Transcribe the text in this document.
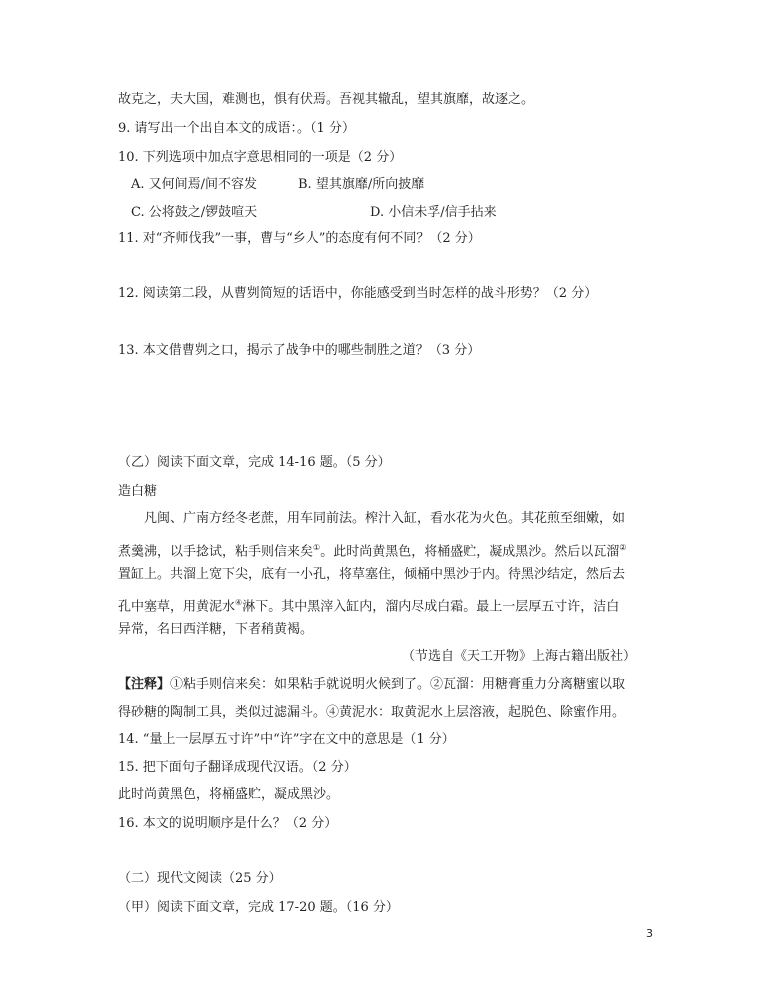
故克之，夫大国，难测也，惧有伏焉。吾视其辙乱，望其旗靡，故逐之。
9. 请写出一个出自本文的成语：。（1 分）
10. 下列选项中加点字意思相同的一项是（2 分）
A. 又何间焉/间不容发	B. 望其旗靡/所向披靡
C. 公将鼓之/锣鼓喧天	D. 小信未孚/信手拈来
11. 对“齐师伐我”一事，曹与“乡人”的态度有何不同？（2 分）
12. 阅读第二段，从曹刿简短的话语中，你能感受到当时怎样的战斗形势？（2 分）
13. 本文借曹刿之口，揭示了战争中的哪些制胜之道？（3 分）
（乙）阅读下面文章，完成 14-16 题。（5 分）
造白糖
凡闽、广南方经冬老蔗，用车同前法。榨汁入缸，看水花为火色。其花煎至细嫩，如
煮羹沸，以手捻试，粘手则信来矣①。此时尚黄黑色，将桶盛贮，凝成黑沙。然后以瓦溜②
置缸上。共溜上宽下尖，底有一小孔，将草塞住，倾桶中黑沙于内。待黑沙结定，然后去
孔中塞草，用黄泥水④淋下。其中黑滓入缸内，溜内尽成白霜。最上一层厚五寸许，洁白
异常，名曰西洋糖，下者稍黄褐。
（节选自《天工开物》上海古籍出版社）
【注释】①粘手则信来矣：如果粘手就说明火候到了。②瓦溜：用糖膏重力分离糖蜜以取
得砂糖的陶制工具，类似过滤漏斗。④黄泥水：取黄泥水上层溶液，起脱色、除蜜作用。
14. “量上一层厚五寸许”中“许”字在文中的意思是（1 分）
15. 把下面句子翻译成现代汉语。（2 分）
此时尚黄黑色，将桶盛贮，凝成黑沙。
16. 本文的说明顺序是什么？（2 分）
（二）现代文阅读（25 分）
（甲）阅读下面文章，完成 17-20 题。（16 分）
3
